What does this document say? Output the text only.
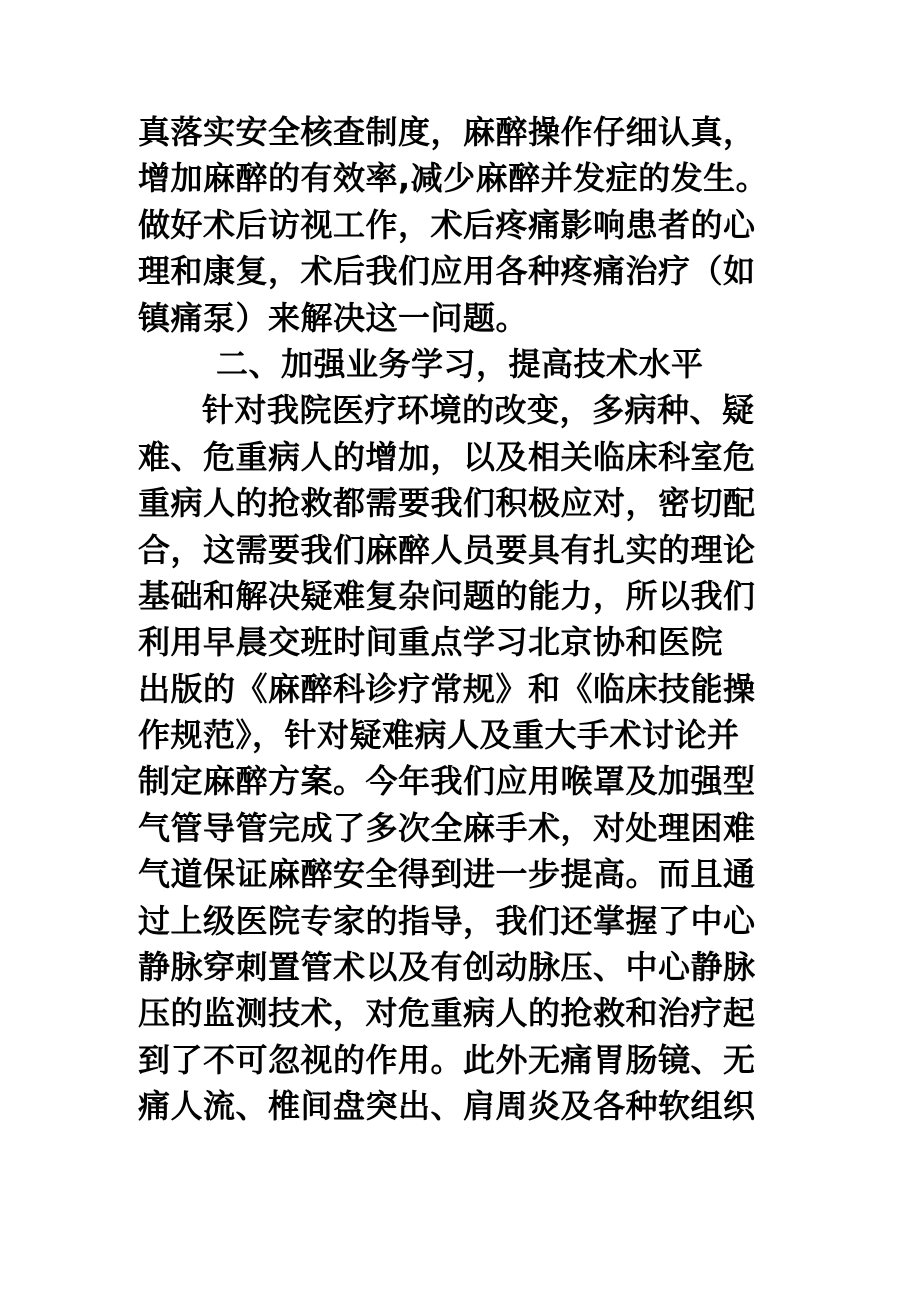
真落实安全核查制度，麻醉操作仔细认真，
增加麻醉的有效率,减少麻醉并发症的发生。
做好术后访视工作，术后疼痛影响患者的心
理和康复，术后我们应用各种疼痛治疗（如
镇痛泵）来解决这一问题。
二、加强业务学习，提高技术水平
针对我院医疗环境的改变，多病种、疑
难、危重病人的增加，以及相关临床科室危
重病人的抢救都需要我们积极应对，密切配
合，这需要我们麻醉人员要具有扎实的理论
基础和解决疑难复杂问题的能力，所以我们
利用早晨交班时间重点学习北京协和医院
出版的《麻醉科诊疗常规》和《临床技能操
作规范》，针对疑难病人及重大手术讨论并
制定麻醉方案。今年我们应用喉罩及加强型
气管导管完成了多次全麻手术，对处理困难
气道保证麻醉安全得到进一步提高。而且通
过上级医院专家的指导，我们还掌握了中心
静脉穿刺置管术以及有创动脉压、中心静脉
压的监测技术，对危重病人的抢救和治疗起
到了不可忽视的作用。此外无痛胃肠镜、无
痛人流、椎间盘突出、肩周炎及各种软组织
